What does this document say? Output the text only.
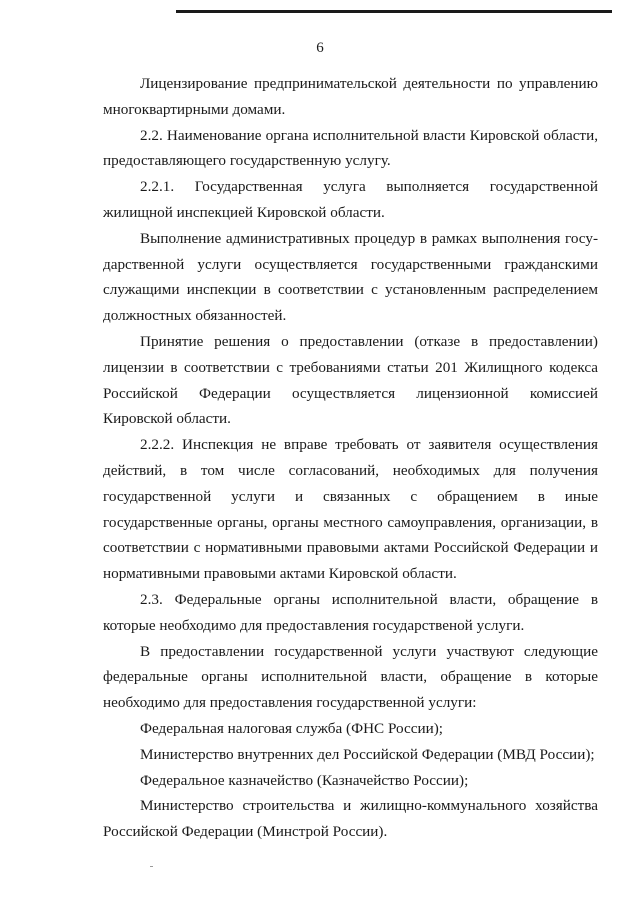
6

Лицензирование предпринимательской деятельности по управлению многоквартирными домами.

2.2. Наименование органа исполнительной власти Кировской области, предоставляющего государственную услугу.

2.2.1. Государственная услуга выполняется государственной жилищной инспекцией Кировской области.

Выполнение административных процедур в рамках выполнения государственной услуги осуществляется государственными гражданскими служащими инспекции в соответствии с установленным распределением должностных обязанностей.

Принятие решения о предоставлении (отказе в предоставлении) лицензии в соответствии с требованиями статьи 201 Жилищного кодекса Российской Федерации осуществляется лицензионной комиссией Кировской области.

2.2.2. Инспекция не вправе требовать от заявителя осуществления действий, в том числе согласований, необходимых для получения государственной услуги и связанных с обращением в иные государственные органы, органы местного самоуправления, организации, в соответствии с нормативными правовыми актами Российской Федерации и нормативными правовыми актами Кировской области.

2.3. Федеральные органы исполнительной власти, обращение в которые необходимо для предоставления государственой услуги.

В предоставлении государственной услуги участвуют следующие федеральные органы исполнительной власти, обращение в которые необходимо для предоставления государственной услуги:

Федеральная налоговая служба (ФНС России);

Министерство внутренних дел Российской Федерации (МВД России);

Федеральное казначейство (Казначейство России);

Министерство строительства и жилищно-коммунального хозяйства Российской Федерации (Минстрой России).
